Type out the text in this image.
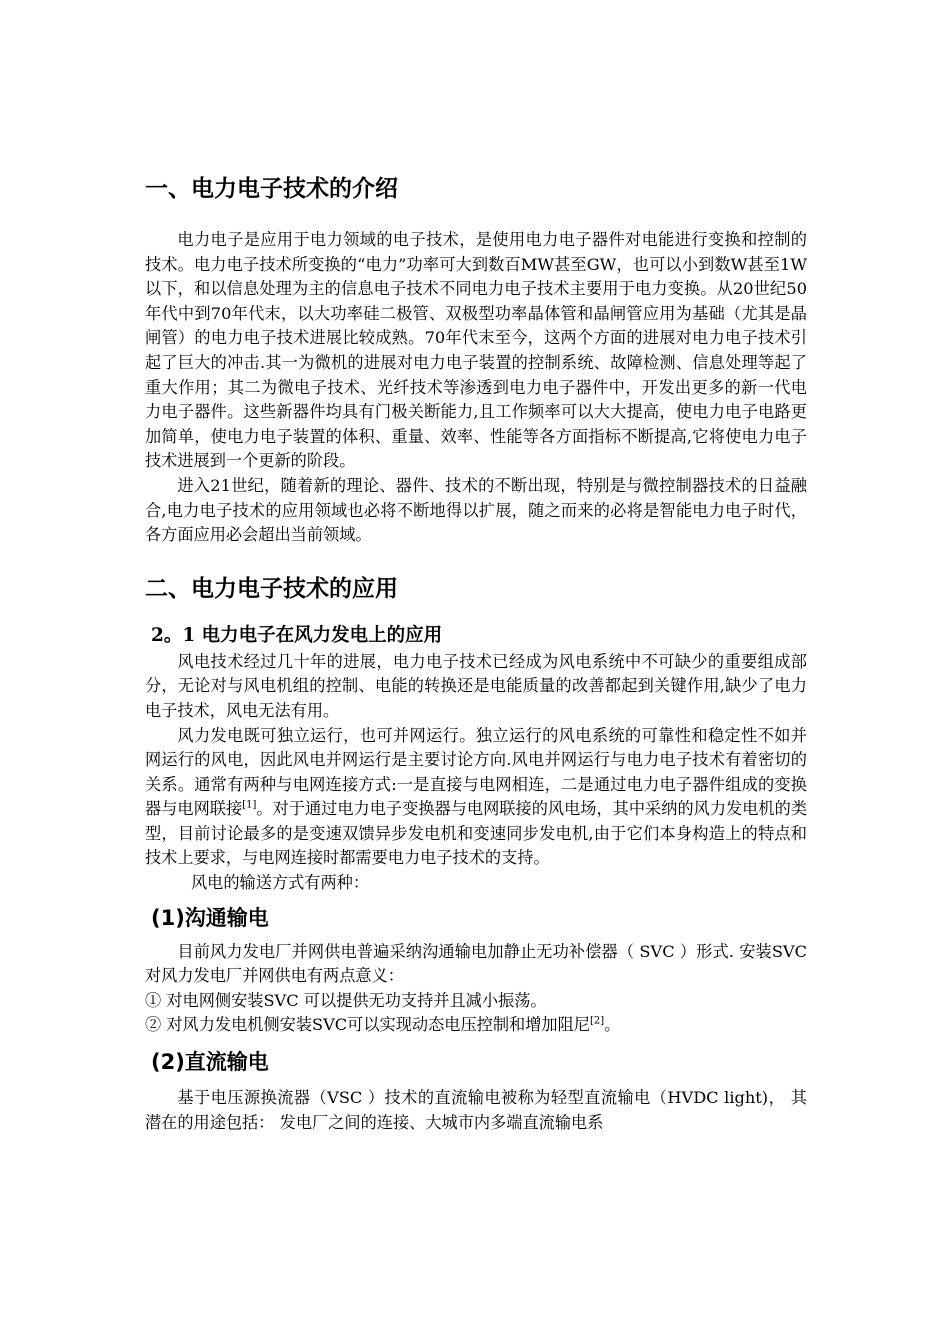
一、电力电子技术的介绍

电力电子是应用于电力领域的电子技术，是使用电力电子器件对电能进行变换和控制的技术。电力电子技术所变换的“电力”功率可大到数百MW甚至GW，也可以小到数W甚至1W以下，和以信息处理为主的信息电子技术不同电力电子技术主要用于电力变换。从20世纪50年代中到70年代末，以大功率硅二极管、双极型功率晶体管和晶闸管应用为基础（尤其是晶闸管）的电力电子技术进展比较成熟。70年代末至今，这两个方面的进展对电力电子技术引起了巨大的冲击.其一为微机的进展对电力电子装置的控制系统、故障检测、信息处理等起了重大作用；其二为微电子技术、光纤技术等渗透到电力电子器件中，开发出更多的新一代电力电子器件。这些新器件均具有门极关断能力,且工作频率可以大大提高，使电力电子电路更加简单，使电力电子装置的体积、重量、效率、性能等各方面指标不断提高,它将使电力电子技术进展到一个更新的阶段。

进入21世纪，随着新的理论、器件、技术的不断出现，特别是与微控制器技术的日益融合,电力电子技术的应用领域也必将不断地得以扩展，随之而来的必将是智能电力电子时代，各方面应用必会超出当前领域。

二、电力电子技术的应用
2。1 电力电子在风力发电上的应用

风电技术经过几十年的进展，电力电子技术已经成为风电系统中不可缺少的重要组成部分，无论对与风电机组的控制、电能的转换还是电能质量的改善都起到关键作用,缺少了电力电子技术，风电无法有用。

风力发电既可独立运行，也可并网运行。独立运行的风电系统的可靠性和稳定性不如并网运行的风电，因此风电并网运行是主要讨论方向.风电并网运行与电力电子技术有着密切的关系。通常有两种与电网连接方式:一是直接与电网相连，二是通过电力电子器件组成的变换器与电网联接[1]。对于通过电力电子变换器与电网联接的风电场，其中采纳的风力发电机的类型，目前讨论最多的是变速双馈异步发电机和变速同步发电机,由于它们本身构造上的特点和技术上要求，与电网连接时都需要电力电子技术的支持。

风电的输送方式有两种：

(1)沟通输电

目前风力发电厂并网供电普遍采纳沟通输电加静止无功补偿器（ SVC ）形式. 安装SVC 对风力发电厂并网供电有两点意义：

① 对电网侧安装SVC 可以提供无功支持并且减小振荡。

② 对风力发电机侧安装SVC可以实现动态电压控制和增加阻尼[2]。

(2)直流输电

基于电压源换流器（VSC ）技术的直流输电被称为轻型直流输电（HVDC light)， 其潜在的用途包括： 发电厂之间的连接、大城市内多端直流输电系
